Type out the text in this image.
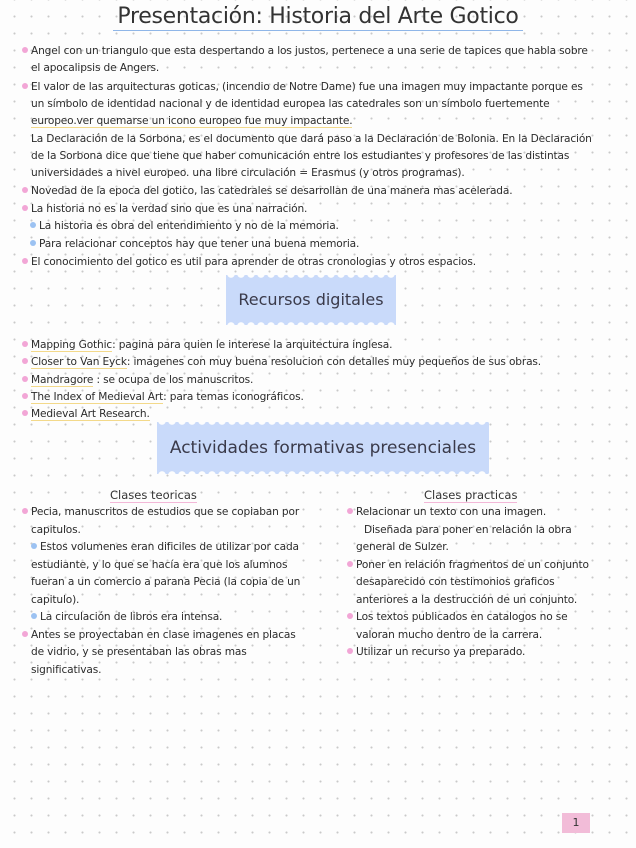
Presentación: Historia del Arte Gotico
Angel con un triangulo que esta despertando a los justos, pertenece a una serie de tapices que habla sobre
el apocalipsis de Angers.
El valor de las arquitecturas goticas, (incendio de Notre Dame) fue una imagen muy impactante porque es
un símbolo de identidad nacional y de identidad europea las catedrales son un símbolo fuertemente
europeo.ver quemarse un icono europeo fue muy impactante.
La Declaración de la Sorbona, es el documento que dará paso a la Declaración de Bolonia. En la Declaración
de la Sorbona dice que tiene que haber comunicación entre los estudiantes y profesores de las distintas
universidades a nivel europeo. una libre circulación = Erasmus (y otros programas).
Novedad de la epoca del gotico, las catedrales se desarrollan de una manera mas acelerada.
La historia no es la verdad sino que es una narración.
La historia es obra del entendimiento y no de la memoria.
Para relacionar conceptos hay que tener una buena memoria.
El conocimiento del gotico es util para aprender de otras cronologias y otros espacios.
Recursos digitales
Mapping Gothic: pagina para quien le interese la arquitectura inglesa.
Closer to Van Eyck: imagenes con muy buena resolucion con detalles muy pequeños de sus obras.
Mandragore : se ocupa de los manuscritos.
The Index of Medieval Art: para temas iconográficos.
Medieval Art Research.
Actividades formativas presenciales
Clases teoricas
Pecia, manuscritos de estudios que se copiaban por
capitulos.
Estos volumenes eran dificiles de utilizar por cada
estudiante, y lo que se hacía era que los alumnos
fueran a un comercio a parana Pecia (la copia de un
capitulo).
La circulación de libros era intensa.
Antes se proyectaban en clase imagenes en placas
de vidrio, y se presentaban las obras mas
significativas.
Clases practicas
Relacionar un texto con una imagen.
Diseñada para poner en relación la obra
general de Sulzer.
Poner en relación fragmentos de un conjunto
desaparecido con testimonios graficos
anteriores a la destrucción de un conjunto.
Los textos publicados en catalogos no se
valoran mucho dentro de la carrera.
Utilizar un recurso ya preparado.
1
